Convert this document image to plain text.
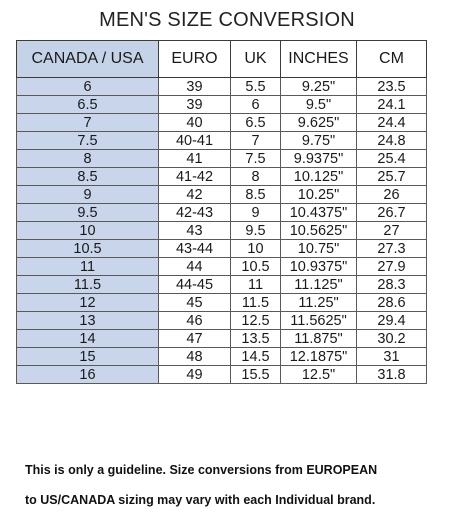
MEN'S SIZE CONVERSION
CANADA / USA	EURO	UK	INCHES	CM
6	39	5.5	9.25"	23.5
6.5	39	6	9.5"	24.1
7	40	6.5	9.625"	24.4
7.5	40-41	7	9.75"	24.8
8	41	7.5	9.9375"	25.4
8.5	41-42	8	10.125"	25.7
9	42	8.5	10.25"	26
9.5	42-43	9	10.4375"	26.7
10	43	9.5	10.5625"	27
10.5	43-44	10	10.75"	27.3
11	44	10.5	10.9375"	27.9
11.5	44-45	11	11.125"	28.3
12	45	11.5	11.25"	28.6
13	46	12.5	11.5625"	29.4
14	47	13.5	11.875"	30.2
15	48	14.5	12.1875"	31
16	49	15.5	12.5"	31.8
This is only a guideline. Size conversions from EUROPEAN
to US/CANADA sizing may vary with each Individual brand.
